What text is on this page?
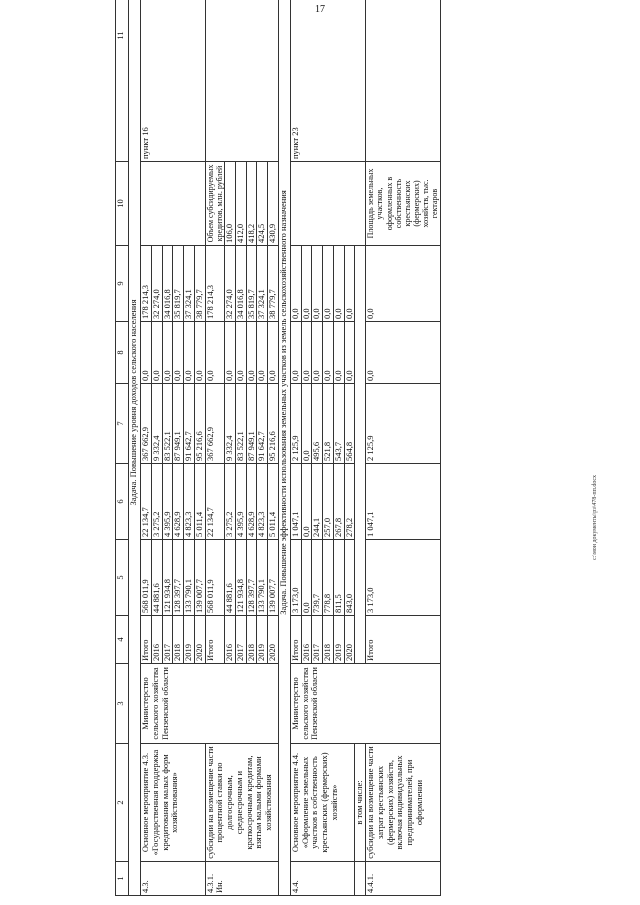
17
1	2	3	4	5	6	7	8	9	10	11
Задача. Повышение уровня доходов сельского населения										
4.3.	Основное мероприятие 4.3. «Государственная поддержка кредитования малых форм хозяйствования»	Министерство сельского хозяйства Пензенской области	Итого	568 011,9	22 134,7	367 662,9	0,0	178 214,3		пункт 16
			2016	44 881,6	3 275,2	9 332,4	0,0	32 274,0		
			2017	121 934,8	4 395,9	83 522,1	0,0	34 016,8		
			2018	128 397,7	4 628,9	87 949,1	0,0	35 819,7		
			2019	133 790,1	4 823,3	91 642,7	0,0	37 324,1		
			2020	139 007,7	5 011,4	95 216,6	0,0	38 779,7		
4.3.1. Ин.	субсидии на возмещение части процентной ставки по долгосрочным, среднесрочным и краткосрочным кредитам, взятым малыми формами хозяйствования		Итого	568 011,9	22 134,7	367 662,9	0,0	178 214,3	Объем субсидируемых кредитов, млн. рублей	
			2016	44 881,6	3 275,2	9 332,4	0,0	32 274,0	106,0	
			2017	121 934,8	4 395,9	83 522,1	0,0	34 016,8	412,0	
			2018	128 397,7	4 628,9	87 949,1	0,0	35 819,7	418,2	
			2019	133 790,1	4 823,3	91 642,7	0,0	37 324,1	424,5	
			2020	139 007,7	5 011,4	95 216,6	0,0	38 779,7	430,9	
Задача. Повышение эффективности использования земельных участков из земель сельскохозяйственного назначения										
4.4.	Основное мероприятие 4.4. «Оформление земельных участков в собственность крестьянских (фермерских) хозяйств»	Министерство сельского хозяйства Пензенской области	Итого	3 173,0	1 047,1	2 125,9	0,0	0,0		пункт 23
			2016	0,0	0,0	0,0	0,0	0,0		
			2017	739,7	244,1	495,6	0,0	0,0		
			2018	778,8	257,0	521,8	0,0	0,0		
			2019	811,5	267,8	543,7	0,0	0,0		
			2020	843,0	278,2	564,8	0,0	0,0		
	в том числе:									
4.4.1.	субсидии на возмещение части затрат крестьянских (фермерских) хозяйств, включая индивидуальных предпринимателей, при оформлении		Итого	3 173,0	1 047,1	2 125,9	0,0	0,0	Площадь земельных участков, оформленных в собственность крестьянских (фермерских) хозяйств, тыс. гектаров	
c:\мои документы\рз\478-пп.docx
